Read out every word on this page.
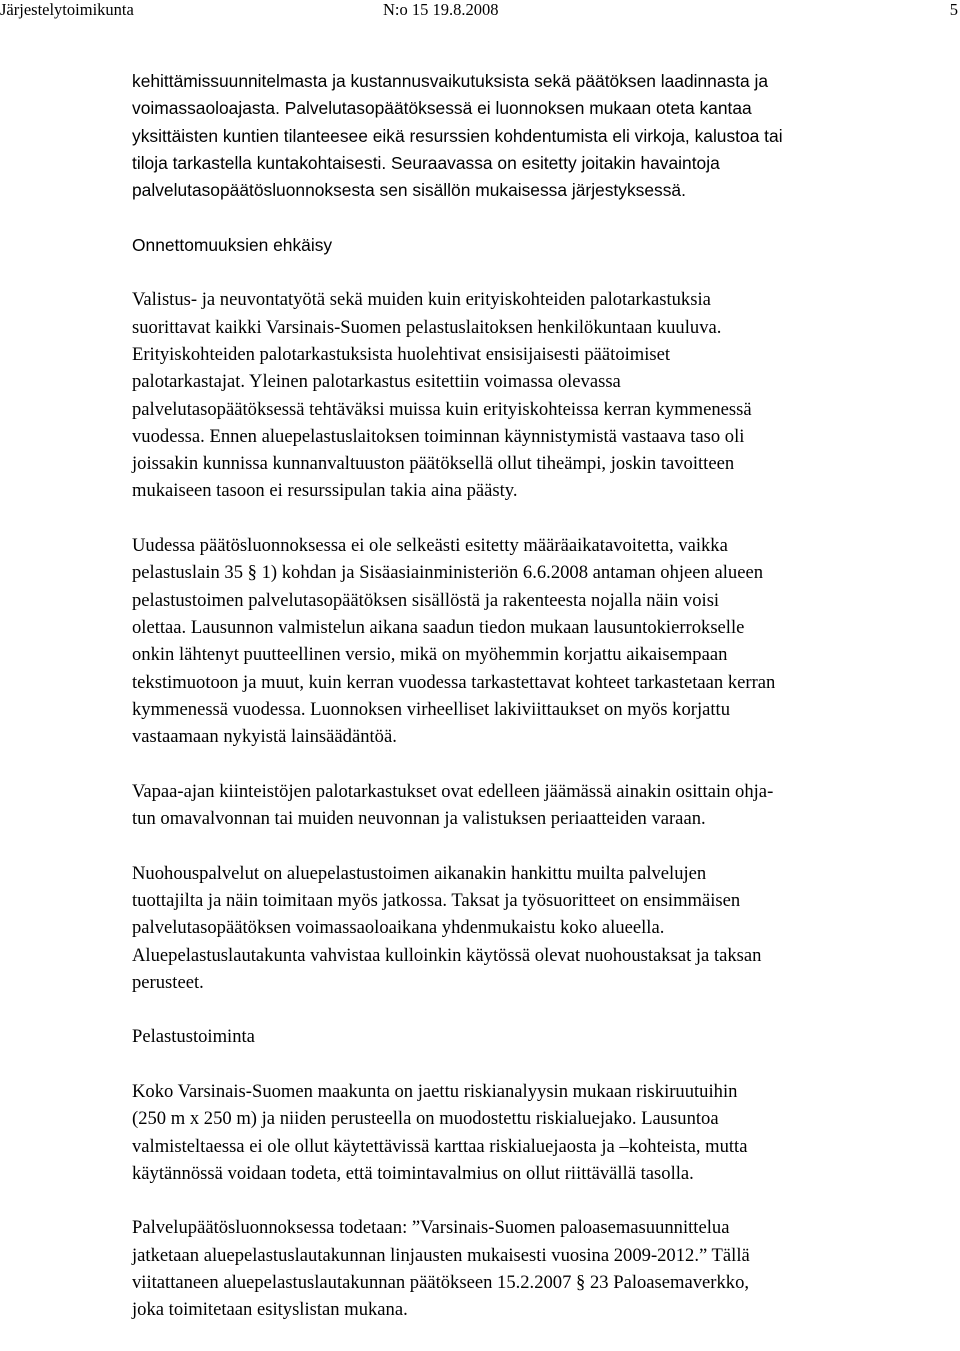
Järjestelytoimikunta	N:o 15 19.8.2008	5
kehittämissuunnitelmasta ja kustannusvaikutuksista sekä päätöksen laadinnasta ja
voimassaoloajasta. Palvelutasopäätöksessä ei luonnoksen mukaan oteta kantaa
yksittäisten kuntien tilanteesee eikä resurssien kohdentumista eli virkoja, kalustoa tai
tiloja tarkastella kuntakohtaisesti. Seuraavassa on esitetty joitakin havaintoja
palvelutasopäätösluonnoksesta sen sisällön mukaisessa järjestyksessä.
Onnettomuuksien ehkäisy
Valistus- ja neuvontatyötä sekä muiden kuin erityiskohteiden palotarkastuksia
suorittavat kaikki Varsinais-Suomen pelastuslaitoksen henkilökuntaan kuuluva.
Erityiskohteiden palotarkastuksista huolehtivat ensisijaisesti päätoimiset
palotarkastajat. Yleinen palotarkastus esitettiin voimassa olevassa
palvelutasopäätöksessä tehtäväksi muissa kuin erityiskohteissa kerran kymmenessä
vuodessa. Ennen aluepelastuslaitoksen toiminnan käynnistymistä vastaava taso oli
joissakin kunnissa kunnanvaltuuston päätöksellä ollut tiheämpi, joskin tavoitteen
mukaiseen tasoon ei resurssipulan takia aina päästy.
Uudessa päätösluonnoksessa ei ole selkeästi esitetty määräaikatavoitetta, vaikka
pelastuslain 35 § 1) kohdan ja Sisäasiainministeriön 6.6.2008 antaman ohjeen alueen
pelastustoimen palvelutasopäätöksen sisällöstä ja rakenteesta nojalla näin voisi
olettaa. Lausunnon valmistelun aikana saadun tiedon mukaan lausuntokierrokselle
onkin lähtenyt puutteellinen versio, mikä on myöhemmin korjattu aikaisempaan
tekstimuotoon ja muut, kuin kerran vuodessa tarkastettavat kohteet tarkastetaan kerran
kymmenessä vuodessa. Luonnoksen virheelliset lakiviittaukset on myös korjattu
vastaamaan nykyistä lainsäädäntöä.
Vapaa-ajan kiinteistöjen palotarkastukset ovat edelleen jäämässä ainakin osittain ohja-
tun omavalvonnan tai muiden neuvonnan ja valistuksen periaatteiden varaan.
Nuohouspalvelut on aluepelastustoimen aikanakin hankittu muilta palvelujen
tuottajilta ja näin toimitaan myös jatkossa. Taksat ja työsuoritteet on ensimmäisen
palvelutasopäätöksen voimassaoloaikana yhdenmukaistu koko alueella.
Aluepelastuslautakunta vahvistaa kulloinkin käytössä olevat nuohoustaksat ja taksan
perusteet.
Pelastustoiminta
Koko Varsinais-Suomen maakunta on jaettu riskianalyysin mukaan riskiruutuihin
(250 m x 250 m) ja niiden perusteella on muodostettu riskialuejako. Lausuntoa
valmisteltaessa ei ole ollut käytettävissä karttaa riskialuejaosta ja –kohteista, mutta
käytännössä voidaan todeta, että toimintavalmius on ollut riittävällä tasolla.
Palvelupäätösluonnoksessa todetaan: ”Varsinais-Suomen paloasemasuunnittelua
jatketaan aluepelastuslautakunnan linjausten mukaisesti vuosina 2009-2012.” Tällä
viitattaneen aluepelastuslautakunnan päätökseen 15.2.2007 § 23 Paloasemaverkko,
joka toimitetaan esityslistan mukana.
